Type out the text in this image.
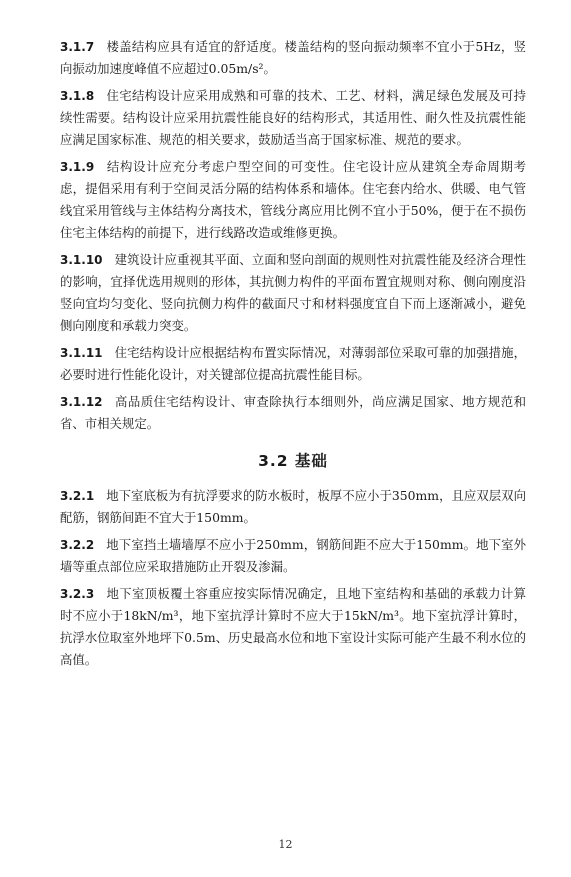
3.1.7 楼盖结构应具有适宜的舒适度。楼盖结构的竖向振动频率不宜小于5Hz，竖向振动加速度峰值不应超过0.05m/s²。

3.1.8 住宅结构设计应采用成熟和可靠的技术、工艺、材料，满足绿色发展及可持续性需要。结构设计应采用抗震性能良好的结构形式，其适用性、耐久性及抗震性能应满足国家标准、规范的相关要求，鼓励适当高于国家标准、规范的要求。

3.1.9 结构设计应充分考虑户型空间的可变性。住宅设计应从建筑全寿命周期考虑，提倡采用有利于空间灵活分隔的结构体系和墙体。住宅套内给水、供暖、电气管线宜采用管线与主体结构分离技术，管线分离应用比例不宜小于50%，便于在不损伤住宅主体结构的前提下，进行线路改造或维修更换。

3.1.10 建筑设计应重视其平面、立面和竖向剖面的规则性对抗震性能及经济合理性的影响，宜择优选用规则的形体，其抗侧力构件的平面布置宜规则对称、侧向刚度沿竖向宜均匀变化、竖向抗侧力构件的截面尺寸和材料强度宜自下而上逐渐减小，避免侧向刚度和承载力突变。

3.1.11 住宅结构设计应根据结构布置实际情况，对薄弱部位采取可靠的加强措施，必要时进行性能化设计，对关键部位提高抗震性能目标。

3.1.12 高品质住宅结构设计、审查除执行本细则外，尚应满足国家、地方规范和省、市相关规定。

3.2 基础

3.2.1 地下室底板为有抗浮要求的防水板时，板厚不应小于350mm，且应双层双向配筋，钢筋间距不宜大于150mm。

3.2.2 地下室挡土墙墙厚不应小于250mm，钢筋间距不应大于150mm。地下室外墙等重点部位应采取措施防止开裂及渗漏。

3.2.3 地下室顶板覆土容重应按实际情况确定，且地下室结构和基础的承载力计算时不应小于18kN/m³，地下室抗浮计算时不应大于15kN/m³。地下室抗浮计算时，抗浮水位取室外地坪下0.5m、历史最高水位和地下室设计实际可能产生最不利水位的高值。

12
